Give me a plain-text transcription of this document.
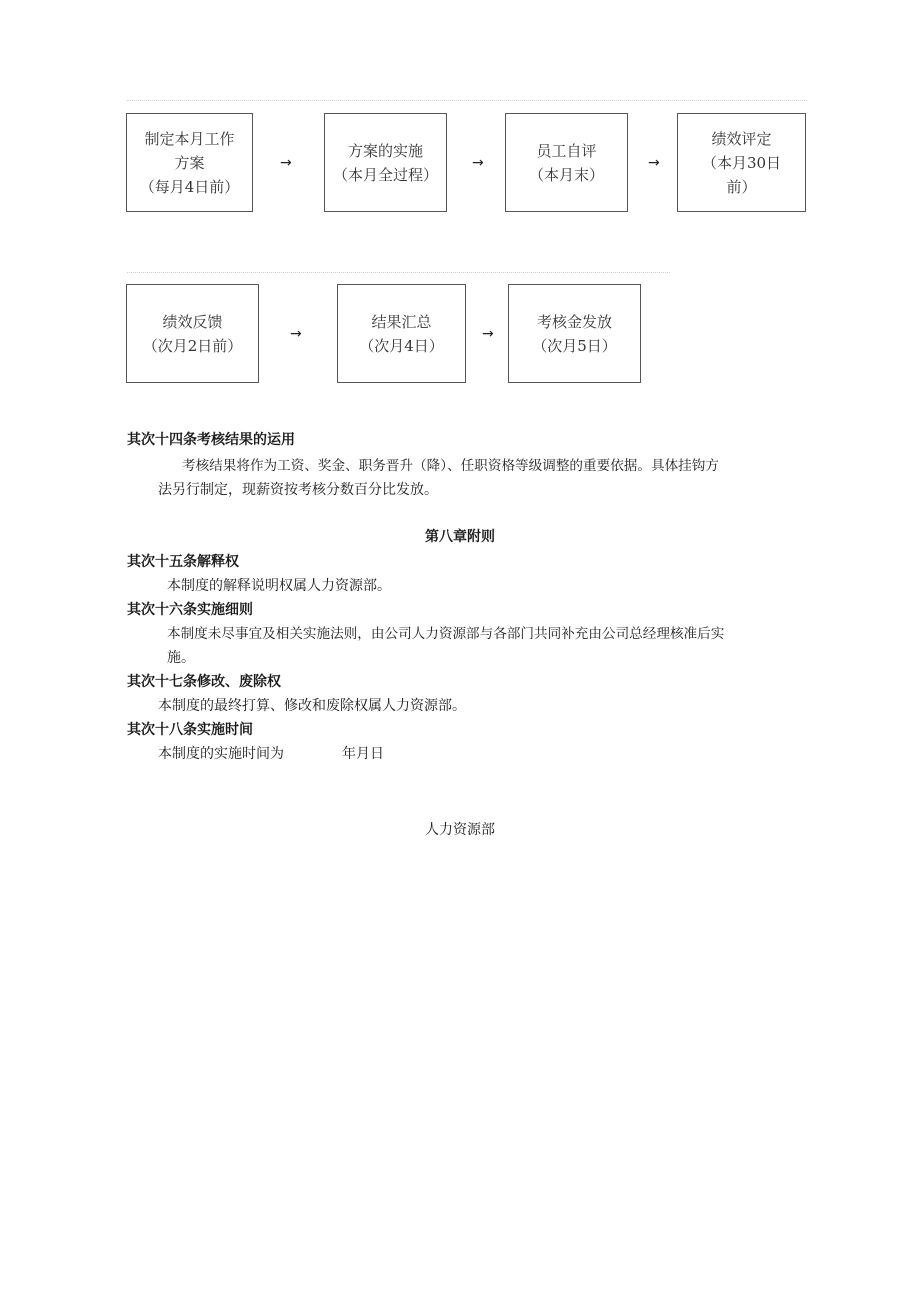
制定本月工作
方案
（每月4日前）
→
方案的实施
（本月全过程）
→
员工自评
（本月末）
→
绩效评定
（本月30日
前）
绩效反馈
（次月2日前）
→
结果汇总
（次月4日）
→
考核金发放
（次月5日）

其次十四条考核结果的运用

考核结果将作为工资、奖金、职务晋升（降）、任职资格等级调整的重要依据。具体挂钩方

法另行制定，现薪资按考核分数百分比发放。

第八章附则

其次十五条解释权

本制度的解释说明权属人力资源部。

其次十六条实施细则

本制度未尽事宜及相关实施法则，由公司人力资源部与各部门共同补充由公司总经理核准后实

施。

其次十七条修改、废除权

本制度的最终打算、修改和废除权属人力资源部。

其次十八条实施时间

本制度的实施时间为	年月日

人力资源部
